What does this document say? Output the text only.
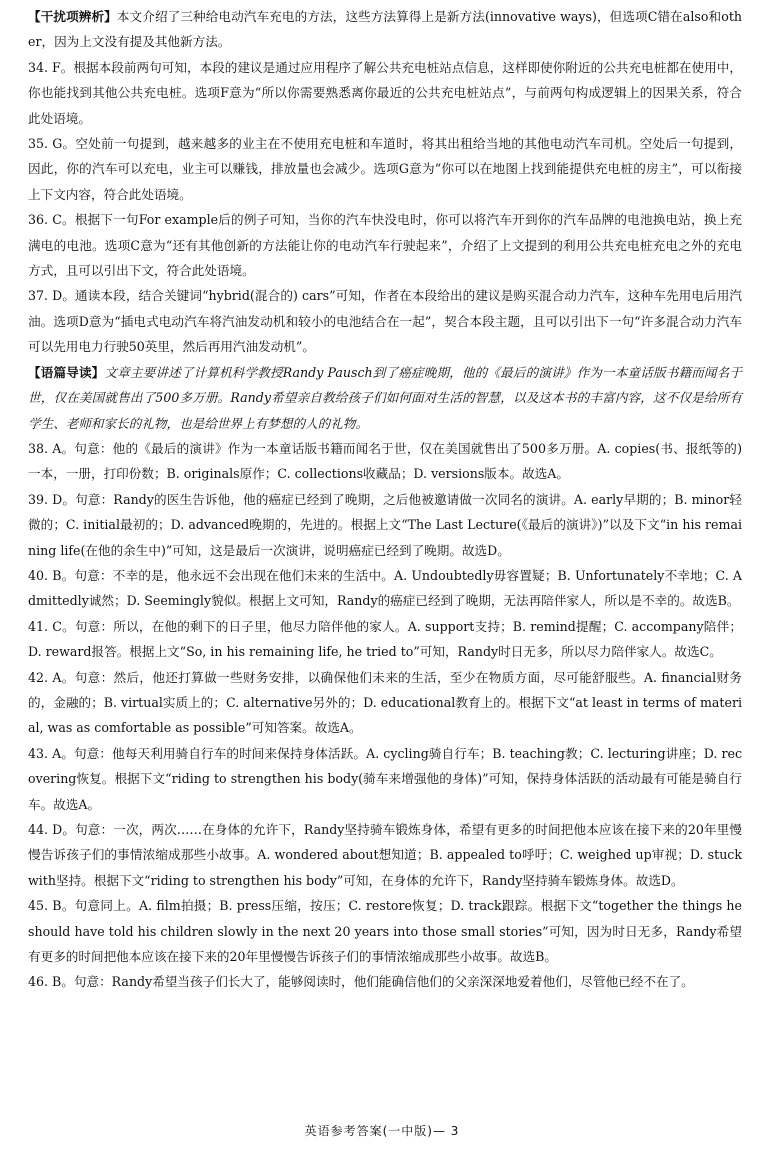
【干扰项辨析】本文介绍了三种给电动汽车充电的方法，这些方法算得上是新方法(innovative ways)，但选项C错在also和other，因为上文没有提及其他新方法。

34. F。根据本段前两句可知，本段的建议是通过应用程序了解公共充电桩站点信息，这样即使你附近的公共充电桩都在使用中，你也能找到其他公共充电桩。选项F意为“所以你需要熟悉离你最近的公共充电桩站点”，与前两句构成逻辑上的因果关系，符合此处语境。

35. G。空处前一句提到，越来越多的业主在不使用充电桩和车道时，将其出租给当地的其他电动汽车司机。空处后一句提到，因此，你的汽车可以充电，业主可以赚钱，排放量也会减少。选项G意为“你可以在地图上找到能提供充电桩的房主”，可以衔接上下文内容，符合此处语境。

36. C。根据下一句For example后的例子可知，当你的汽车快没电时，你可以将汽车开到你的汽车品牌的电池换电站，换上充满电的电池。选项C意为“还有其他创新的方法能让你的电动汽车行驶起来”，介绍了上文提到的利用公共充电桩充电之外的充电方式，且可以引出下文，符合此处语境。

37. D。通读本段，结合关键词“hybrid(混合的) cars”可知，作者在本段给出的建议是购买混合动力汽车，这种车先用电后用汽油。选项D意为“插电式电动汽车将汽油发动机和较小的电池结合在一起”，契合本段主题，且可以引出下一句“许多混合动力汽车可以先用电力行驶50英里，然后再用汽油发动机”。

【语篇导读】文章主要讲述了计算机科学教授Randy Pausch到了癌症晚期，他的《最后的演讲》作为一本童话版书籍而闻名于世，仅在美国就售出了500多万册。Randy希望亲自教给孩子们如何面对生活的智慧，以及这本书的丰富内容，这不仅是给所有学生、老师和家长的礼物，也是给世界上有梦想的人的礼物。

38. A。句意：他的《最后的演讲》作为一本童话版书籍而闻名于世，仅在美国就售出了500多万册。A. copies(书、报纸等的)一本，一册，打印份数；B. originals原作；C. collections收藏品；D. versions版本。故选A。

39. D。句意：Randy的医生告诉他，他的癌症已经到了晚期，之后他被邀请做一次同名的演讲。A. early早期的；B. minor轻微的；C. initial最初的；D. advanced晚期的，先进的。根据上文“The Last Lecture(《最后的演讲》)”以及下文“in his remaining life(在他的余生中)”可知，这是最后一次演讲，说明癌症已经到了晚期。故选D。

40. B。句意：不幸的是，他永远不会出现在他们未来的生活中。A. Undoubtedly毋容置疑；B. Unfortunately不幸地；C. Admittedly诚然；D. Seemingly貌似。根据上文可知，Randy的癌症已经到了晚期，无法再陪伴家人，所以是不幸的。故选B。

41. C。句意：所以，在他的剩下的日子里，他尽力陪伴他的家人。A. support支持；B. remind提醒；C. accompany陪伴；D. reward报答。根据上文“So, in his remaining life, he tried to”可知，Randy时日无多，所以尽力陪伴家人。故选C。

42. A。句意：然后，他还打算做一些财务安排，以确保他们未来的生活，至少在物质方面，尽可能舒服些。A. financial财务的，金融的；B. virtual实质上的；C. alternative另外的；D. educational教育上的。根据下文“at least in terms of material, was as comfortable as possible”可知答案。故选A。

43. A。句意：他每天利用骑自行车的时间来保持身体活跃。A. cycling骑自行车；B. teaching教；C. lecturing讲座；D. recovering恢复。根据下文“riding to strengthen his body(骑车来增强他的身体)”可知，保持身体活跃的活动最有可能是骑自行车。故选A。

44. D。句意：一次，两次……在身体的允许下，Randy坚持骑车锻炼身体，希望有更多的时间把他本应该在接下来的20年里慢慢告诉孩子们的事情浓缩成那些小故事。A. wondered about想知道；B. appealed to呼吁；C. weighed up审视；D. stuck with坚持。根据下文“riding to strengthen his body”可知，在身体的允许下，Randy坚持骑车锻炼身体。故选D。

45. B。句意同上。A. film拍摄；B. press压缩，按压；C. restore恢复；D. track跟踪。根据下文“together the things he should have told his children slowly in the next 20 years into those small stories”可知，因为时日无多，Randy希望有更多的时间把他本应该在接下来的20年里慢慢告诉孩子们的事情浓缩成那些小故事。故选B。

46. B。句意：Randy希望当孩子们长大了，能够阅读时，他们能确信他们的父亲深深地爱着他们，尽管他已经不在了。

英语参考答案(一中版)— 3
